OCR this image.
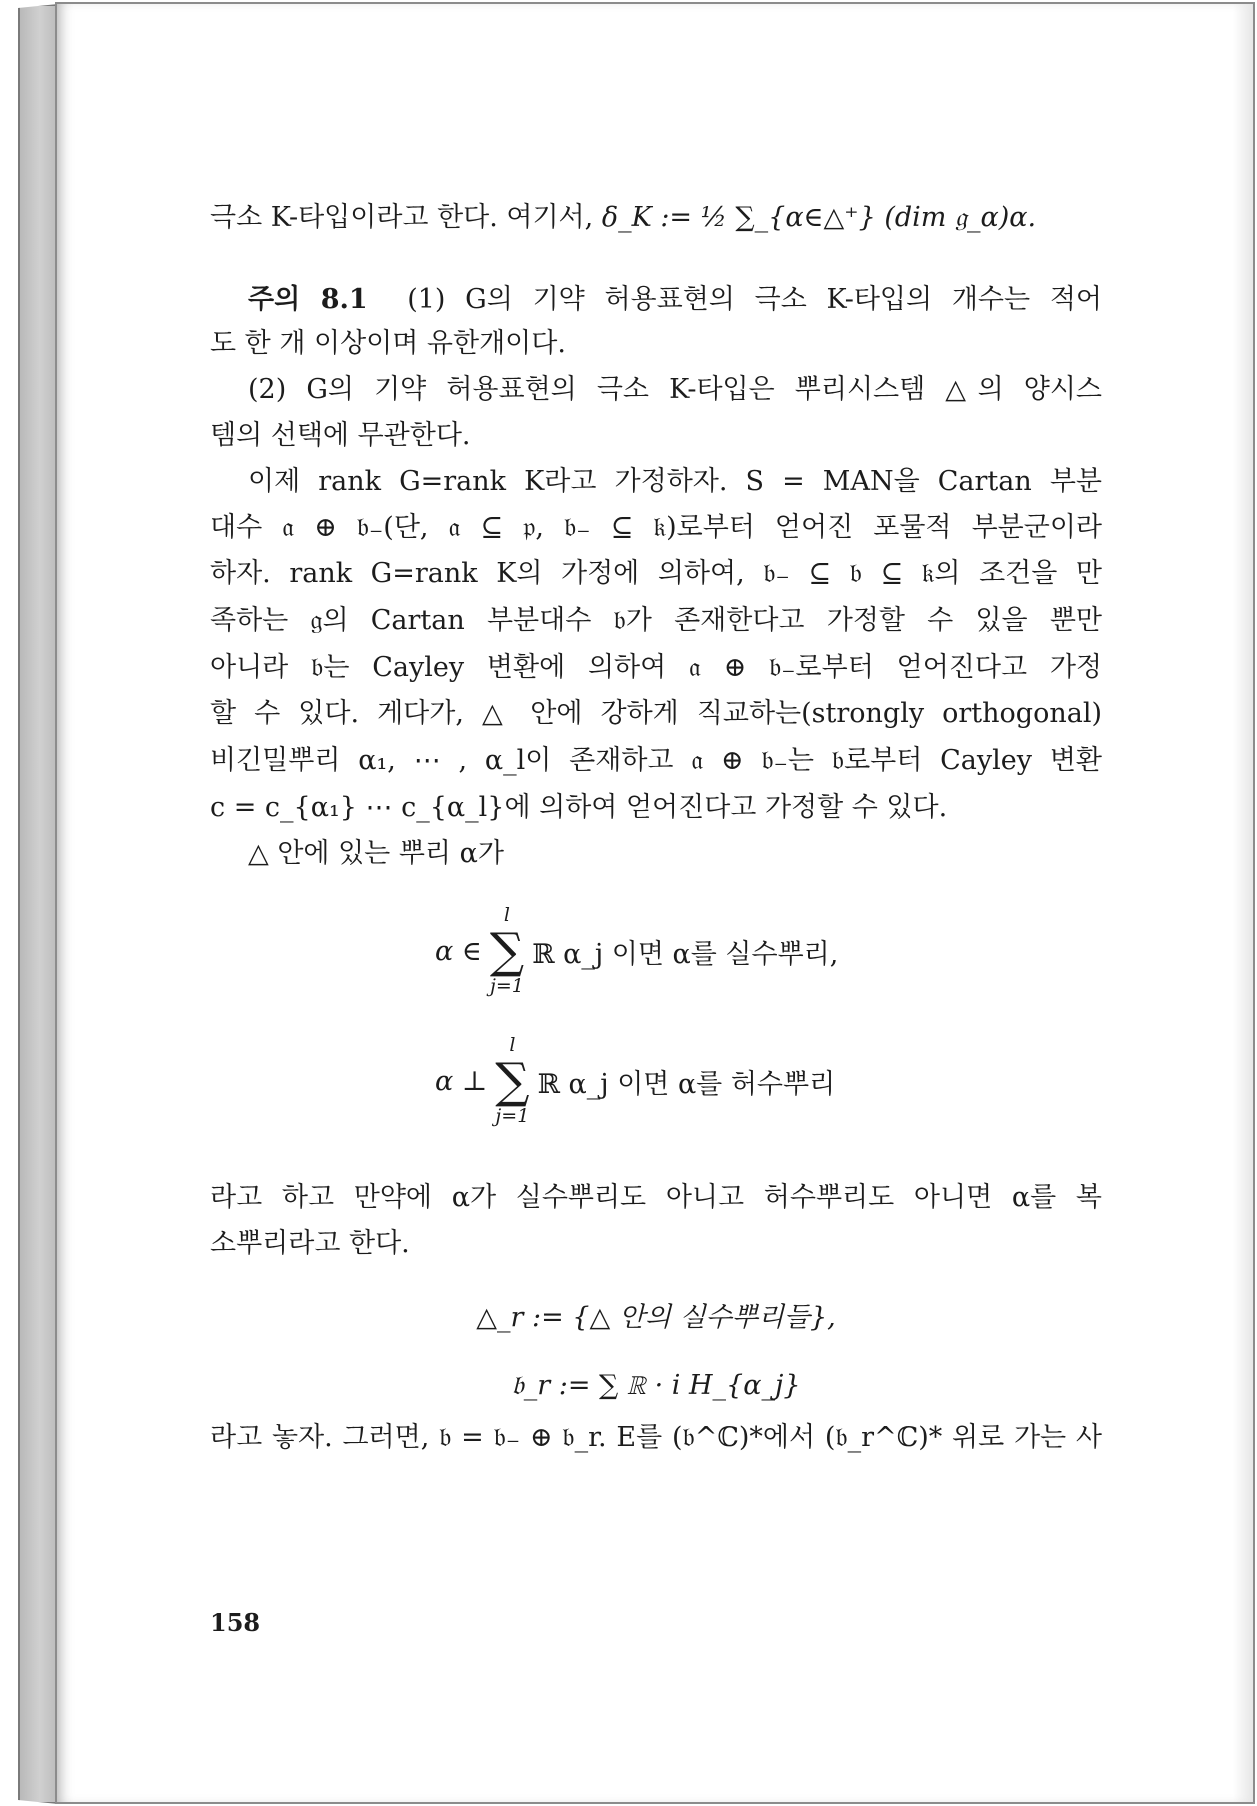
극소 K-타입이라고 한다. 여기서, δ_K := ½ ∑_{α∈△⁺} (dim 𝔤_α)α.
주의 8.1 (1) G의 기약 허용표현의 극소 K-타입의 개수는 적어
도 한 개 이상이며 유한개이다.
(2) G의 기약 허용표현의 극소 K-타입은 뿌리시스템 △의 양시스
템의 선택에 무관한다.
이제 rank G=rank K라고 가정하자. S = MAN을 Cartan 부분
대수 𝔞 ⊕ 𝔟₋(단, 𝔞 ⊆ 𝔭, 𝔟₋ ⊆ 𝔨)로부터 얻어진 포물적 부분군이라
하자. rank G=rank K의 가정에 의하여, 𝔟₋ ⊆ 𝔟 ⊆ 𝔨의 조건을 만
족하는 𝔤의 Cartan 부분대수 𝔟가 존재한다고 가정할 수 있을 뿐만
아니라 𝔟는 Cayley 변환에 의하여 𝔞 ⊕ 𝔟₋로부터 얻어진다고 가정
할 수 있다. 게다가, △ 안에 강하게 직교하는(strongly orthogonal)
비긴밀뿌리 α₁, ⋯ , α_l이 존재하고 𝔞 ⊕ 𝔟₋는 𝔟로부터 Cayley 변환
c = c_{α₁} ⋯ c_{α_l}에 의하여 얻어진다고 가정할 수 있다.
△ 안에 있는 뿌리 α가
α ∈
l
∑
j=1
ℝ α_j 이면 α를 실수뿌리,
α ⊥
l
∑
j=1
ℝ α_j 이면 α를 허수뿌리
라고 하고 만약에 α가 실수뿌리도 아니고 허수뿌리도 아니면 α를 복
소뿌리라고 한다.
△_r := {△ 안의 실수뿌리들},
𝔟_r := ∑ ℝ · i H_{α_j}
라고 놓자. 그러면, 𝔟 = 𝔟₋ ⊕ 𝔟_r. E를 (𝔟^ℂ)*에서 (𝔟_r^ℂ)* 위로 가는 사
158
